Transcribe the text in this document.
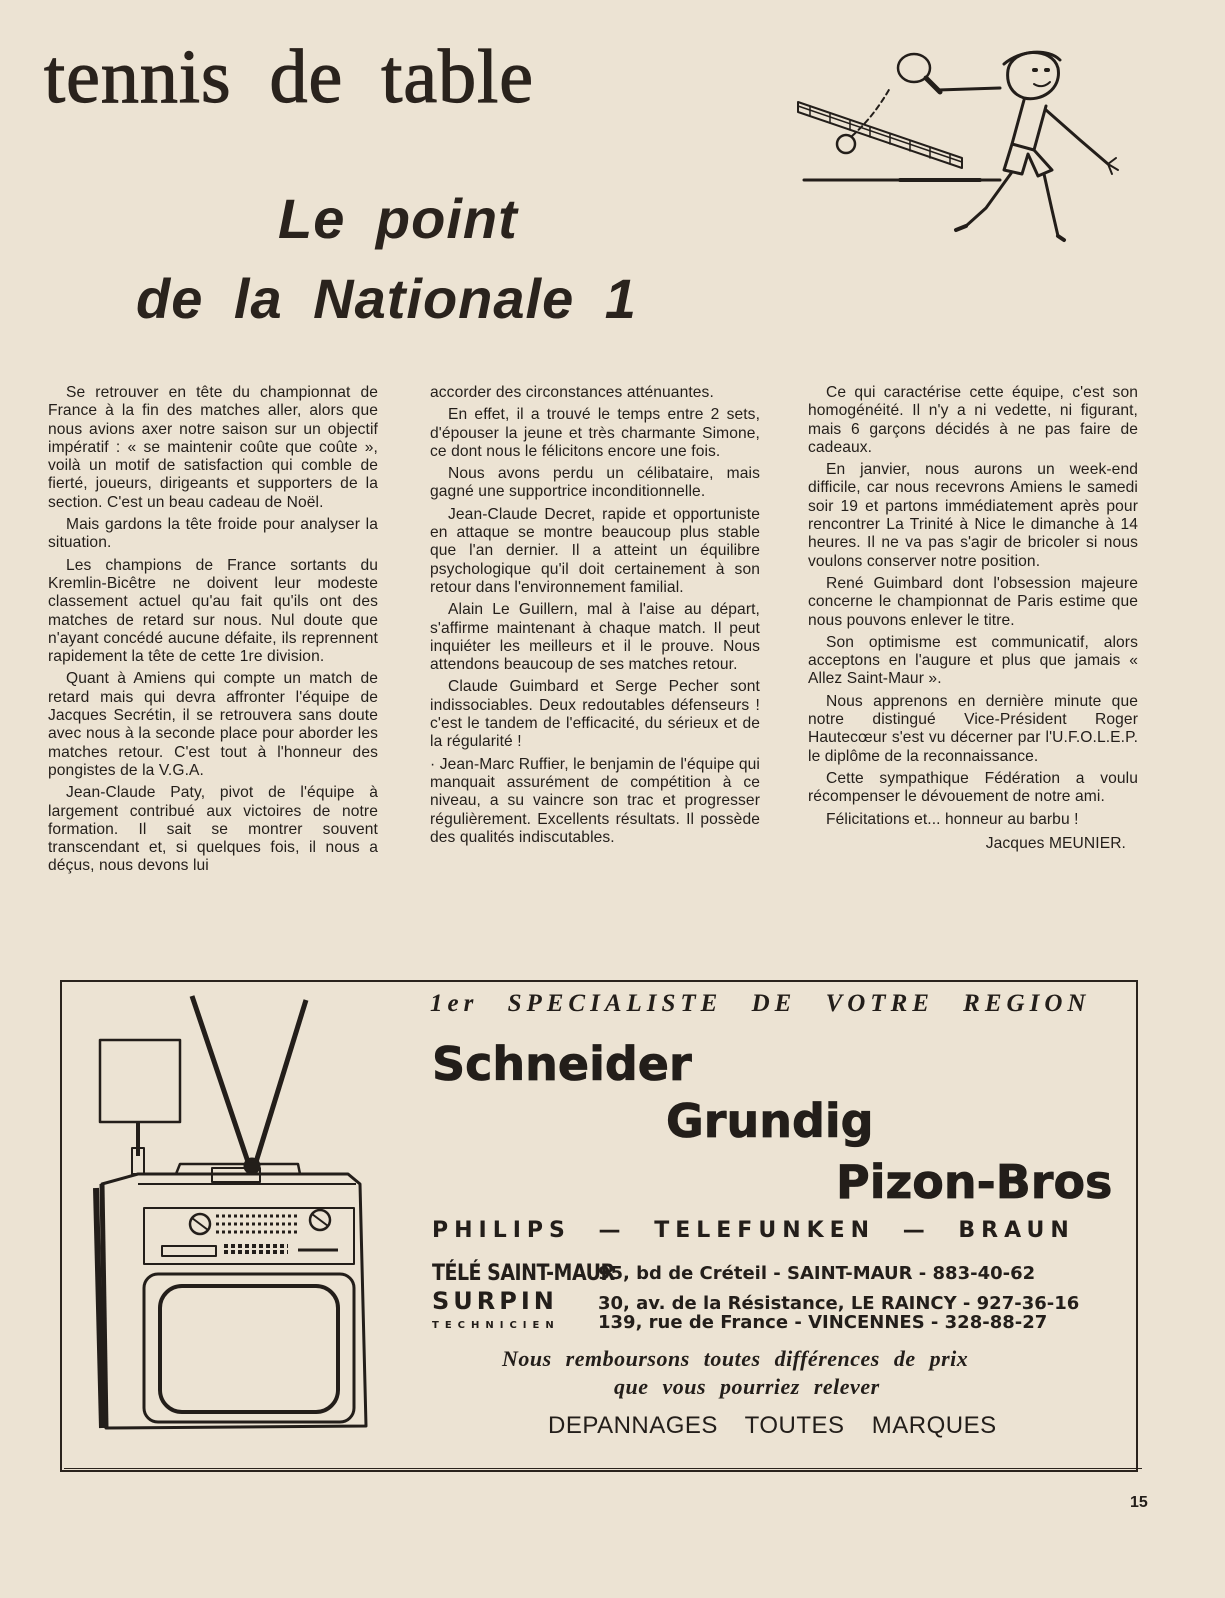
tennis de table
Le point
de la Nationale 1

Se retrouver en tête du championnat de France à la fin des matches aller, alors que nous avions axer notre saison sur un objectif impératif : « se maintenir coûte que coûte », voilà un motif de satisfaction qui comble de fierté, joueurs, dirigeants et supporters de la section. C'est un beau cadeau de Noël.

Mais gardons la tête froide pour analyser la situation.

Les champions de France sortants du Kremlin-Bicêtre ne doivent leur modeste classement actuel qu'au fait qu'ils ont des matches de retard sur nous. Nul doute que n'ayant concédé aucune défaite, ils reprennent rapidement la tête de cette 1re division.

Quant à Amiens qui compte un match de retard mais qui devra affronter l'équipe de Jacques Secrétin, il se retrouvera sans doute avec nous à la seconde place pour aborder les matches retour. C'est tout à l'honneur des pongistes de la V.G.A.

Jean-Claude Paty, pivot de l'équipe à largement contribué aux victoires de notre formation. Il sait se montrer souvent transcendant et, si quelques fois, il nous a déçus, nous devons lui

accorder des circonstances atténuantes.

En effet, il a trouvé le temps entre 2 sets, d'épouser la jeune et très charmante Simone, ce dont nous le félicitons encore une fois.

Nous avons perdu un célibataire, mais gagné une supportrice inconditionnelle.

Jean-Claude Decret, rapide et opportuniste en attaque se montre beaucoup plus stable que l'an dernier. Il a atteint un équilibre psychologique qu'il doit certainement à son retour dans l'environnement familial.

Alain Le Guillern, mal à l'aise au départ, s'affirme maintenant à chaque match. Il peut inquiéter les meilleurs et il le prouve. Nous attendons beaucoup de ses matches retour.

Claude Guimbard et Serge Pecher sont indissociables. Deux redoutables défenseurs ! c'est le tandem de l'efficacité, du sérieux et de la régularité !

· Jean-Marc Ruffier, le benjamin de l'équipe qui manquait assurément de compétition à ce niveau, a su vaincre son trac et progresser régulièrement. Excellents résultats. Il possède des qualités indiscutables.

Ce qui caractérise cette équipe, c'est son homogénéité. Il n'y a ni vedette, ni figurant, mais 6 garçons décidés à ne pas faire de cadeaux.

En janvier, nous aurons un week-end difficile, car nous recevrons Amiens le samedi soir 19 et partons immédiatement après pour rencontrer La Trinité à Nice le dimanche à 14 heures. Il ne va pas s'agir de bricoler si nous voulons conserver notre position.

René Guimbard dont l'obsession majeure concerne le championnat de Paris estime que nous pouvons enlever le titre.

Son optimisme est communicatif, alors acceptons en l'augure et plus que jamais « Allez Saint-Maur ».

Nous apprenons en dernière minute que notre distingué Vice-Président Roger Hautecœur s'est vu décerner par l'U.F.O.L.E.P. le diplôme de la reconnaissance.

Cette sympathique Fédération a voulu récompenser le dévouement de notre ami.

Félicitations et... honneur au barbu !

Jacques MEUNIER.

1er SPECIALISTE DE VOTRE REGION

Schneider

Grundig

Pizon-Bros

PHILIPS — TELEFUNKEN — BRAUN

TÉLÉ SAINT-MAUR95, bd de Créteil - SAINT-MAUR - 883-40-62
SURPIN 30, av. de la Résistance, LE RAINCY - 927-36-16
TECHNICIEN 139, rue de France - VINCENNES - 328-88-27

Nous remboursons toutes différences de prix

que vous pourriez relever

DEPANNAGES TOUTES MARQUES

15
